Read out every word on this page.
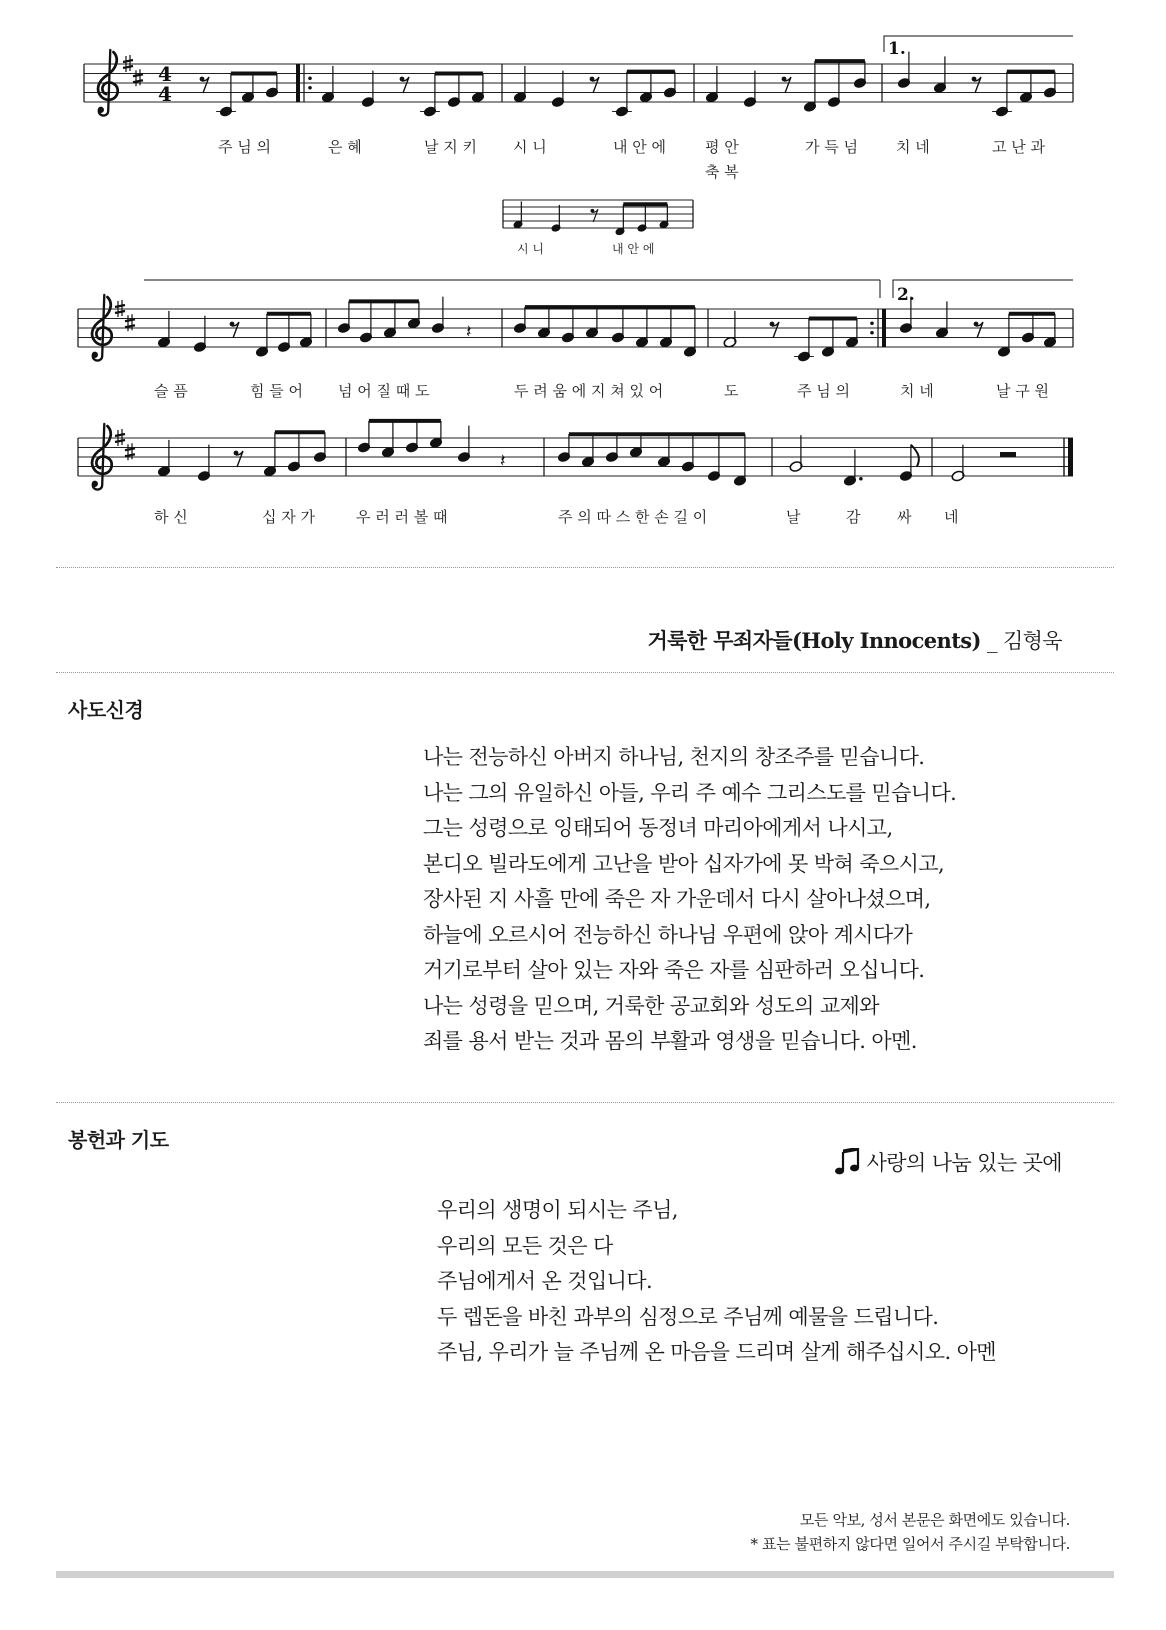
4
4
𝄽
𝄽
주 님 의	은 혜	날 지 키 시 니	내 안 에	평 안	가 득 넘	치 네	고 난 과
축 복
시 니	내 안 에
슬 픔	힘 들 어 넘 어 질 때 도	두 려 움 에 지 쳐 있 어	도	주 님 의	치 네	날 구 원
하 신	십 자 가	우 러 러 볼 때	주 의 따 스 한 손 길 이	날	감 싸 네
1.
2.
거룩한 무죄자들(Holy Innocents) _ 김형욱
사도신경
나는 전능하신 아버지 하나님, 천지의 창조주를 믿습니다.
나는 그의 유일하신 아들, 우리 주 예수 그리스도를 믿습니다.
그는 성령으로 잉태되어 동정녀 마리아에게서 나시고,
본디오 빌라도에게 고난을 받아 십자가에 못 박혀 죽으시고,
장사된 지 사흘 만에 죽은 자 가운데서 다시 살아나셨으며,
하늘에 오르시어 전능하신 하나님 우편에 앉아 계시다가
거기로부터 살아 있는 자와 죽은 자를 심판하러 오십니다.
나는 성령을 믿으며, 거룩한 공교회와 성도의 교제와
죄를 용서 받는 것과 몸의 부활과 영생을 믿습니다. 아멘.
봉헌과 기도
사랑의 나눔 있는 곳에
우리의 생명이 되시는 주님,
우리의 모든 것은 다
주님에게서 온 것입니다.
두 렙돈을 바친 과부의 심정으로 주님께 예물을 드립니다.
주님, 우리가 늘 주님께 온 마음을 드리며 살게 해주십시오. 아멘
모든 악보, 성서 본문은 화면에도 있습니다.
* 표는 불편하지 않다면 일어서 주시길 부탁합니다.
